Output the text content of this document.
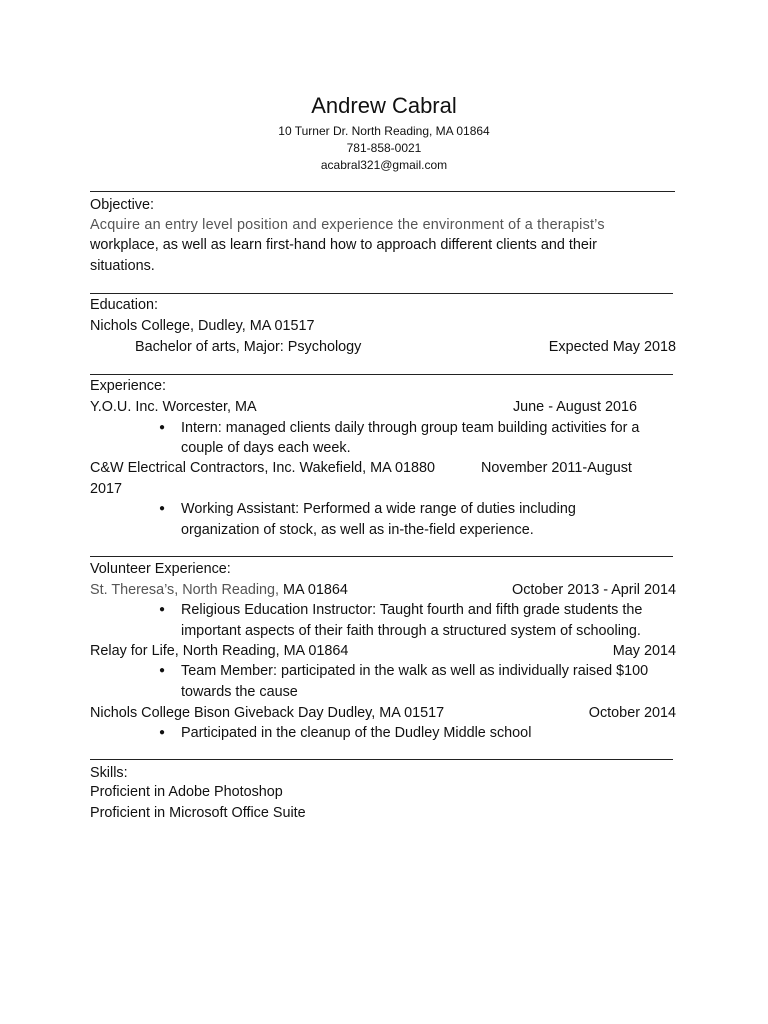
Andrew Cabral
10 Turner Dr. North Reading, MA 01864
781-858-0021
acabral321@gmail.com
Objective:
Acquire an entry level position and experience the environment of a therapist’s
workplace, as well as learn first-hand how to approach different clients and their
situations.
Education:
Nichols College, Dudley, MA 01517
Bachelor of arts, Major: Psychology	Expected May 2018
Experience:
Y.O.U. Inc. Worcester, MA	June - August 2016
● Intern: managed clients daily through group team building activities for a
couple of days each week.
C&W Electrical Contractors, Inc. Wakefield, MA 01880	November 2011-August
2017
● Working Assistant: Performed a wide range of duties including
organization of stock, as well as in-the-field experience.
Volunteer Experience:
St. Theresa’s, North Reading, MA 01864	October 2013 - April 2014
● Religious Education Instructor: Taught fourth and fifth grade students the
important aspects of their faith through a structured system of schooling.
Relay for Life, North Reading, MA 01864	May 2014
● Team Member: participated in the walk as well as individually raised $100
towards the cause
Nichols College Bison Giveback Day Dudley, MA 01517	October 2014
● Participated in the cleanup of the Dudley Middle school
Skills:
Proficient in Adobe Photoshop
Proficient in Microsoft Office Suite
